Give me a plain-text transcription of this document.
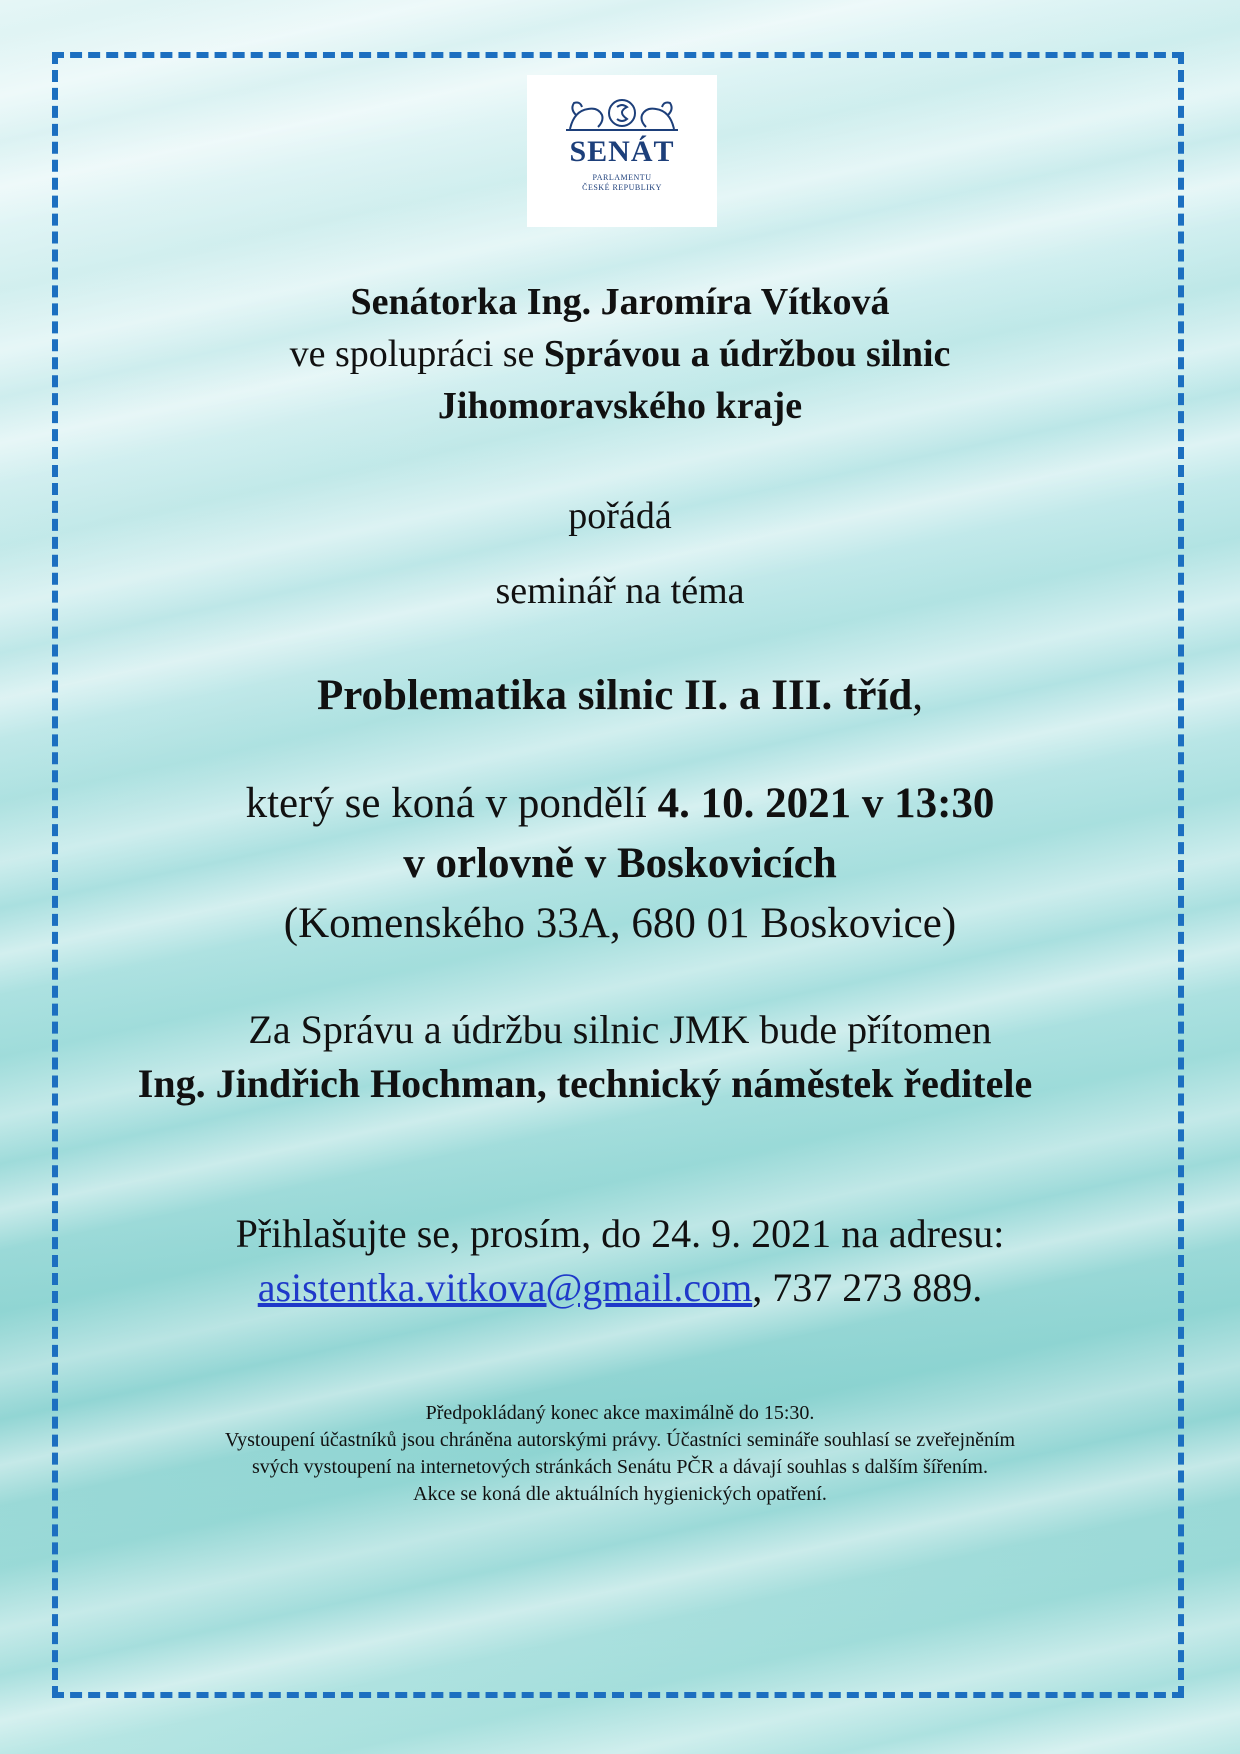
SENÁT
PARLAMENTU
ČESKÉ REPUBLIKY
Senátorka Ing. Jaromíra Vítková
ve spolupráci se Správou a údržbou silnic
Jihomoravského kraje
pořádá
seminář na téma
Problematika silnic II. a III. tříd,
který se koná v pondělí 4. 10. 2021 v 13:30
v orlovně v Boskovicích
(Komenského 33A, 680 01 Boskovice)
Za Správu a údržbu silnic JMK bude přítomen
Ing. Jindřich Hochman, technický náměstek ředitele
Přihlašujte se, prosím, do 24. 9. 2021 na adresu:
asistentka.vitkova@gmail.com, 737 273 889.
Předpokládaný konec akce maximálně do 15:30.
Vystoupení účastníků jsou chráněna autorskými právy. Účastníci semináře souhlasí se zveřejněním
svých vystoupení na internetových stránkách Senátu PČR a dávají souhlas s dalším šířením.
Akce se koná dle aktuálních hygienických opatření.
